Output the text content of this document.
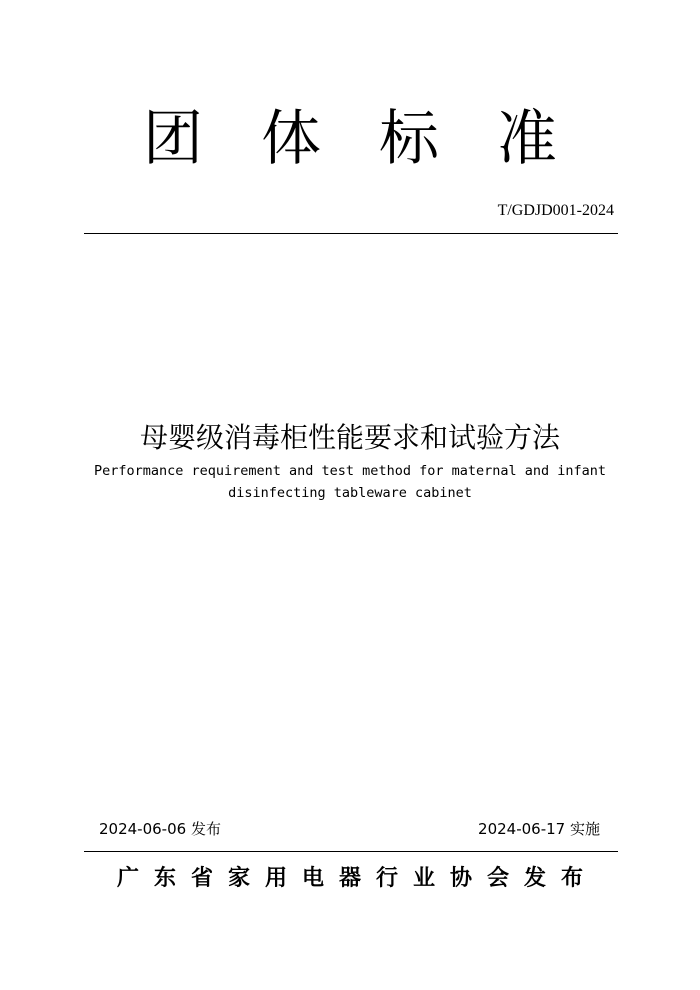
团体标准
T/GDJD001-2024
母婴级消毒柜性能要求和试验方法
Performance requirement and test method for maternal and infant
disinfecting tableware cabinet
2024-06-06 发布	2024-06-17 实施
广东省家用电器行业协会发布
